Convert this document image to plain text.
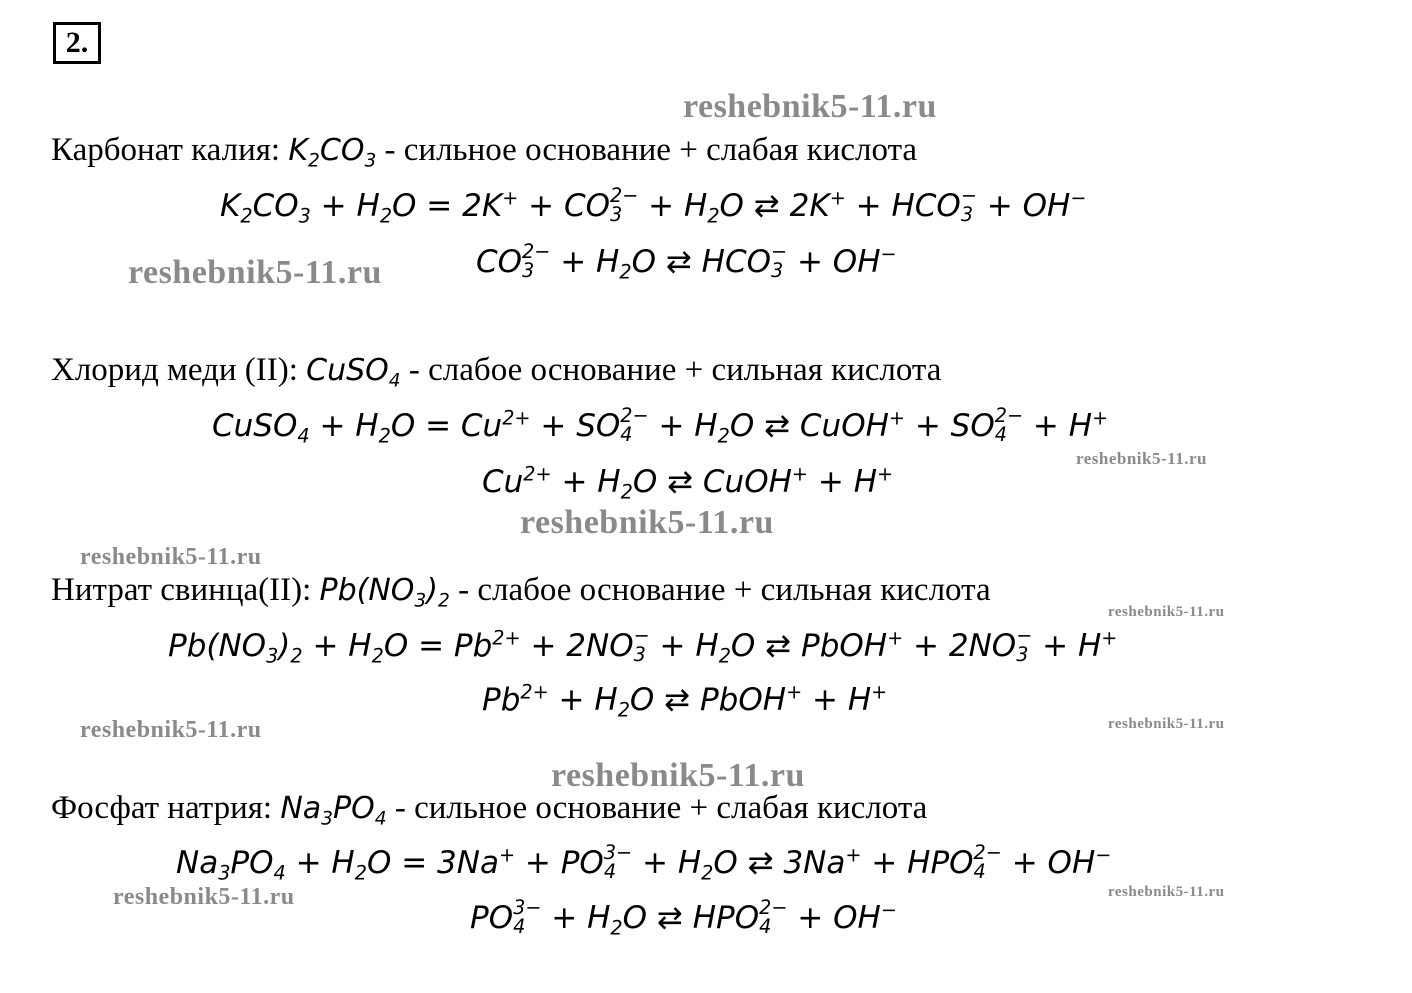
2.
reshebnik5-11.ru
reshebnik5-11.ru
reshebnik5-11.ru
reshebnik5-11.ru
reshebnik5-11.ru
reshebnik5-11.ru
reshebnik5-11.ru	reshebnik5-11.ru
reshebnik5-11.ru
reshebnik5-11.ru	reshebnik5-11.ru
Карбонат калия: $K_2CO_3$ - сильное основание + слабая кислота
$K_2CO_3 + H_2O = 2K^+$ + CO 2−
$3 + H_2O$ ⇄ 2K+ + HCO −
3 + OH−
CO 2−
$3 + H_2O$ ⇄ HCO −
3 + OH−
Хлорид меди (II): CuSO$_4$ - слабое основание + сильная кислота
CuSO$_4$ + $H_2O = Cu^{2+}$ + SO 2−
$4 + H_2O$ ⇄ CuOH+ + SO 2−
4 + H+
$Cu^{2+} + H_2O$ ⇄ CuOH+ + H+
Нитрат свинца(II): $Pb(NO_3)_2$ - слабое основание + сильная кислота
$Pb(NO_3)_2 + H_2O = Pb^{2+} + 2NO$ −
$3 + H_2O$ ⇄ PbOH+ + 2NO −
3 + H+
$Pb^{2+} + H_2O$ ⇄ PbOH+ + H+
Фосфат натрия: $Na_3PO_4$ - сильное основание + слабая кислота
$Na_3PO_4 + H_2O = 3Na^+$ + PO 3−
$4 + H_2O$ ⇄ 3Na+ + HPO 2−
4 + OH−
PO 3−
$4 + H_2O$ ⇄ HPO 2−
4 + OH−
